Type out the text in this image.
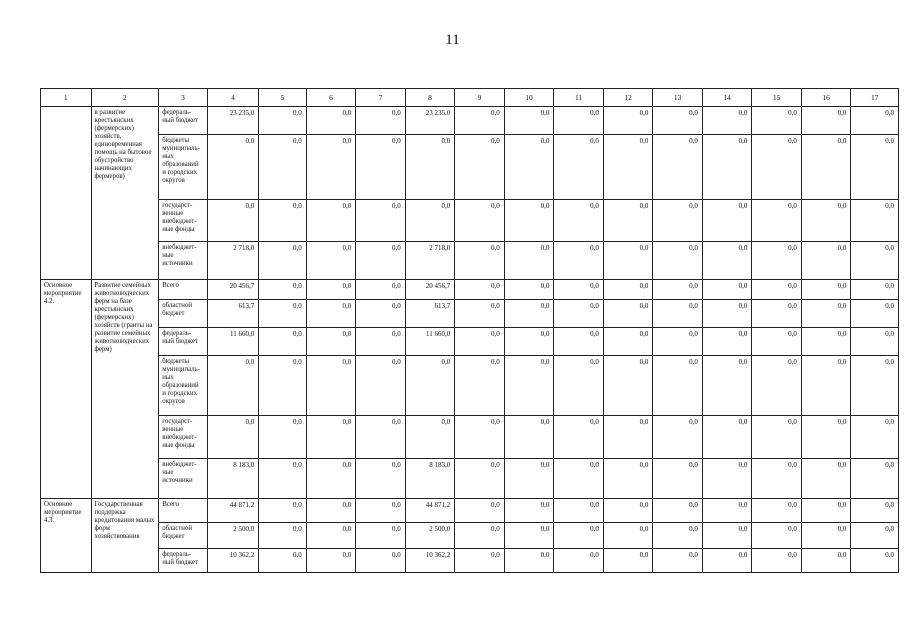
11
1	2	3	4	5	6	7	8	9	10	11	12	13	14	15	16	17
	в развитие крестьянских (фермерских) хозяйств, единовременная помощь на бытовое обустройство начинающих фермеров)	федераль- ный бюджет	23 235,0	0,0	0,0	0,0	23 235,0	0,0	0,0	0,0	0,0	0,0	0,0	0,0	0,0	0,0
		бюджеты муниципаль- ных образований и городских округов	0,0	0,0	0,0	0,0	0,0	0,0	0,0	0,0	0,0	0,0	0,0	0,0	0,0	0,0
		государст- венные внебюджет- ные фонды	0,0	0,0	0,0	0,0	0,0	0,0	0,0	0,0	0,0	0,0	0,0	0,0	0,0	0,0
		внебюджет- ные источники	2 718,0	0,0	0,0	0,0	2 718,0	0,0	0,0	0,0	0,0	0,0	0,0	0,0	0,0	0,0
Основное мероприятие 4.2.	Развитие семейных животноводческих ферм на базе крестьянских (фермерских) хозяйств (гранты на развитие семейных животноводческих ферм)	Всего	20 456,7	0,0	0,0	0,0	20 456,7	0,0	0,0	0,0	0,0	0,0	0,0	0,0	0,0	0,0
		областной бюджет	613,7	0,0	0,0	0,0	613,7	0,0	0,0	0,0	0,0	0,0	0,0	0,0	0,0	0,0
		федераль- ный бюджет	11 660,0	0,0	0,0	0,0	11 660,0	0,0	0,0	0,0	0,0	0,0	0,0	0,0	0,0	0,0
		бюджеты муниципаль- ных образований и городских округов	0,0	0,0	0,0	0,0	0,0	0,0	0,0	0,0	0,0	0,0	0,0	0,0	0,0	0,0
		государст- венные внебюджет- ные фонды	0,0	0,0	0,0	0,0	0,0	0,0	0,0	0,0	0,0	0,0	0,0	0,0	0,0	0,0
		внебюджет- ные источники	8 183,0	0,0	0,0	0,0	8 183,0	0,0	0,0	0,0	0,0	0,0	0,0	0,0	0,0	0,0
Основное мероприятие 4.3.	Государственная поддержка кредитования малых форм хозяйствования	Всего	44 871,2	0,0	0,0	0,0	44 871,2	0,0	0,0	0,0	0,0	0,0	0,0	0,0	0,0	0,0
		областной бюджет	2 500,0	0,0	0,0	0,0	2 500,0	0,0	0,0	0,0	0,0	0,0	0,0	0,0	0,0	0,0
		федераль- ный бюджет	10 362,2	0,0	0,0	0,0	10 362,2	0,0	0,0	0,0	0,0	0,0	0,0	0,0	0,0	0,0
